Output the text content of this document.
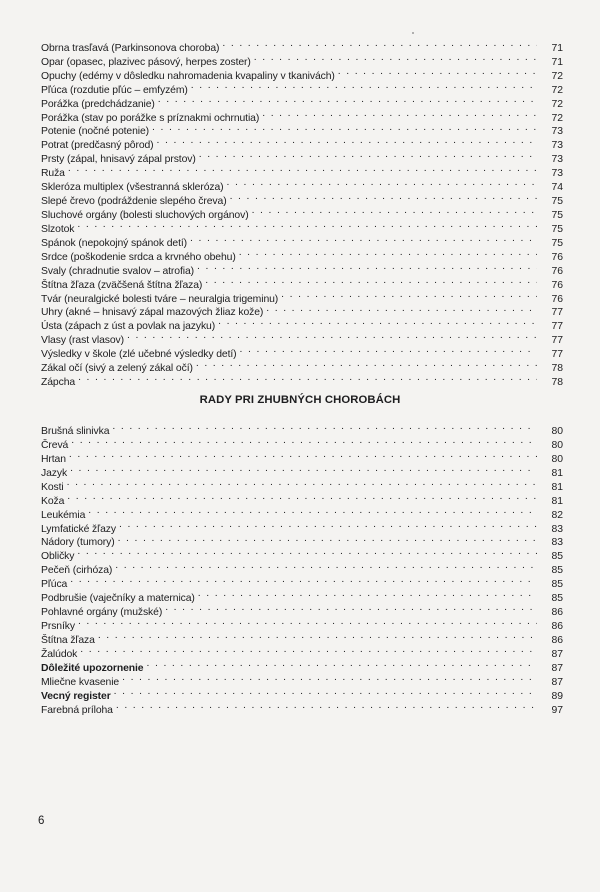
Obrna trasľavá (Parkinsonova choroba) . . .	71
Opar (opasec, plazivec pásový, herpes zoster) . . .	71
Opuchy (edémy v dôsledku nahromadenia kvapaliny v tkanivách) . . .	72
Pľúca (rozdutie pľúc – emfyzém) . . .	72
Porážka (predchádzanie) . . .	72
Porážka (stav po porážke s príznakmi ochrnutia) . . .	72
Potenie (nočné potenie) . . .	73
Potrat (predčasný pôrod) . . .	73
Prsty (zápal, hnisavý zápal prstov) . . .	73
Ruža . . .	73
Skleróza multiplex (všestranná skleróza) . . .	74
Slepé črevo (podráždenie slepého čreva) . . .	75
Sluchové orgány (bolesti sluchových orgánov) . . .	75
Slzotok . . .	75
Spánok (nepokojný spánok detí) . . .	75
Srdce (poškodenie srdca a krvného obehu) . . .	76
Svaly (chradnutie svalov – atrofia) . . .	76
Štítna žľaza (zväčšená štítna žľaza) . . .	76
Tvár (neuralgické bolesti tváre – neuralgia trigeminu) . . .	76
Uhry (akné – hnisavý zápal mazových žliaz kože) . . .	77
Ústa (zápach z úst a povlak na jazyku) . . .	77
Vlasy (rast vlasov) . . .	77
Výsledky v škole (zlé učebné výsledky detí) . . .	77
Zákal očí (sivý a zelený zákal očí) . . .	78
Zápcha . . .	78
RADY PRI ZHUBNÝCH CHOROBÁCH
Brušná slinivka . . .	80
Črevá . . .	80
Hrtan . . .	80
Jazyk . . .	81
Kosti . . .	81
Koža . . .	81
Leukémia . . .	82
Lymfatické žľazy . . .	83
Nádory (tumory) . . .	83
Obličky . . .	85
Pečeň (cirhóza) . . .	85
Pľúca . . .	85
Podbrušie (vaječníky a maternica) . . .	85
Pohlavné orgány (mužské) . . .	86
Prsníky . . .	86
Štítna žľaza . . .	86
Žalúdok . . .	87
Dôležité upozornenie . . .	87
Mliečne kvasenie . . .	87
Vecný register . . .	89
Farebná príloha . . .	97
6
